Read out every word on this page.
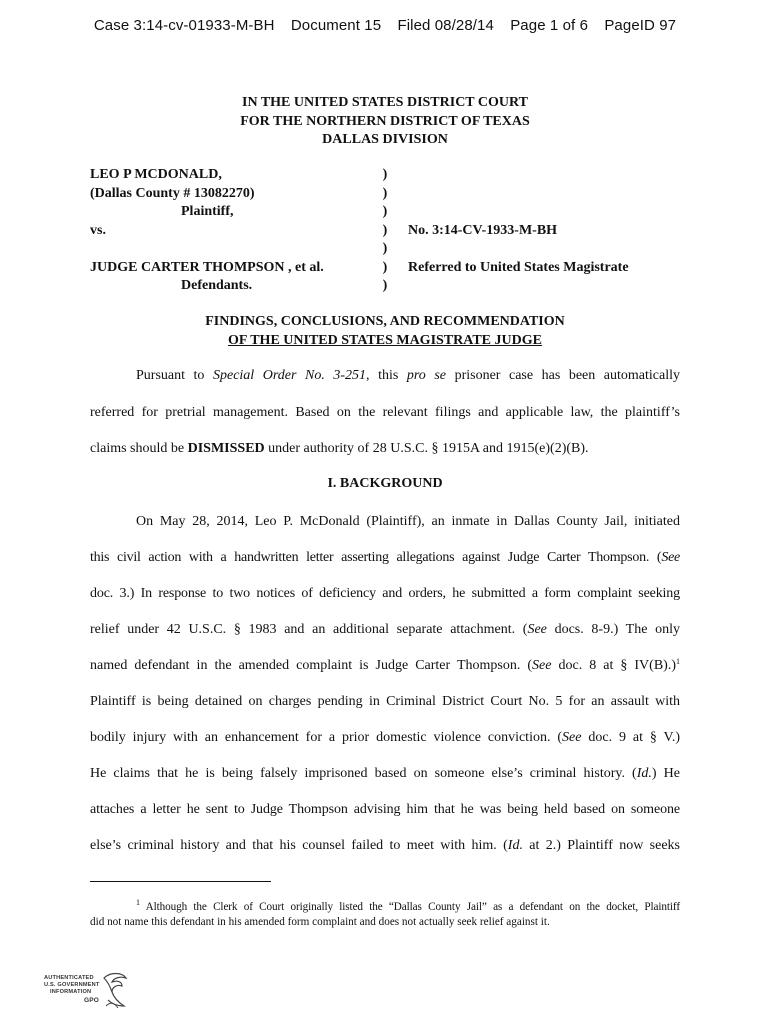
Case 3:14-cv-01933-M-BH Document 15 Filed 08/28/14 Page 1 of 6 PageID 97
IN THE UNITED STATES DISTRICT COURT
FOR THE NORTHERN DISTRICT OF TEXAS
DALLAS DIVISION
LEO P MCDONALD,
(Dallas County # 13082270)
Plaintiff,
vs.
JUDGE CARTER THOMPSON , et al.
Defendants.
)
)
)
)
)
)
)
No. 3:14-CV-1933-M-BH
Referred to United States Magistrate
FINDINGS, CONCLUSIONS, AND RECOMMENDATION
OF THE UNITED STATES MAGISTRATE JUDGE
Pursuant to Special Order No. 3-251, this pro se prisoner case has been automatically
referred for pretrial management. Based on the relevant filings and applicable law, the plaintiff’s
claims should be DISMISSED under authority of 28 U.S.C. § 1915A and 1915(e)(2)(B).
I. BACKGROUND
On May 28, 2014, Leo P. McDonald (Plaintiff), an inmate in Dallas County Jail, initiated
this civil action with a handwritten letter asserting allegations against Judge Carter Thompson. (See
doc. 3.) In response to two notices of deficiency and orders, he submitted a form complaint seeking
relief under 42 U.S.C. § 1983 and an additional separate attachment. (See docs. 8-9.) The only
named defendant in the amended complaint is Judge Carter Thompson. (See doc. 8 at § IV(B).)$^1$
Plaintiff is being detained on charges pending in Criminal District Court No. 5 for an assault with
bodily injury with an enhancement for a prior domestic violence conviction. (See doc. 9 at § V.)
He claims that he is being falsely imprisoned based on someone else’s criminal history. (Id.) He
attaches a letter he sent to Judge Thompson advising him that he was being held based on someone
else’s criminal history and that his counsel failed to meet with him. (Id. at 2.) Plaintiff now seeks
$^1$ Although the Clerk of Court originally listed the “Dallas County Jail” as a defendant on the docket, Plaintiff
did not name this defendant in his amended form complaint and does not actually seek relief against it.
AUTHENTICATED
U.S. GOVERNMENT
INFORMATION
GPO
